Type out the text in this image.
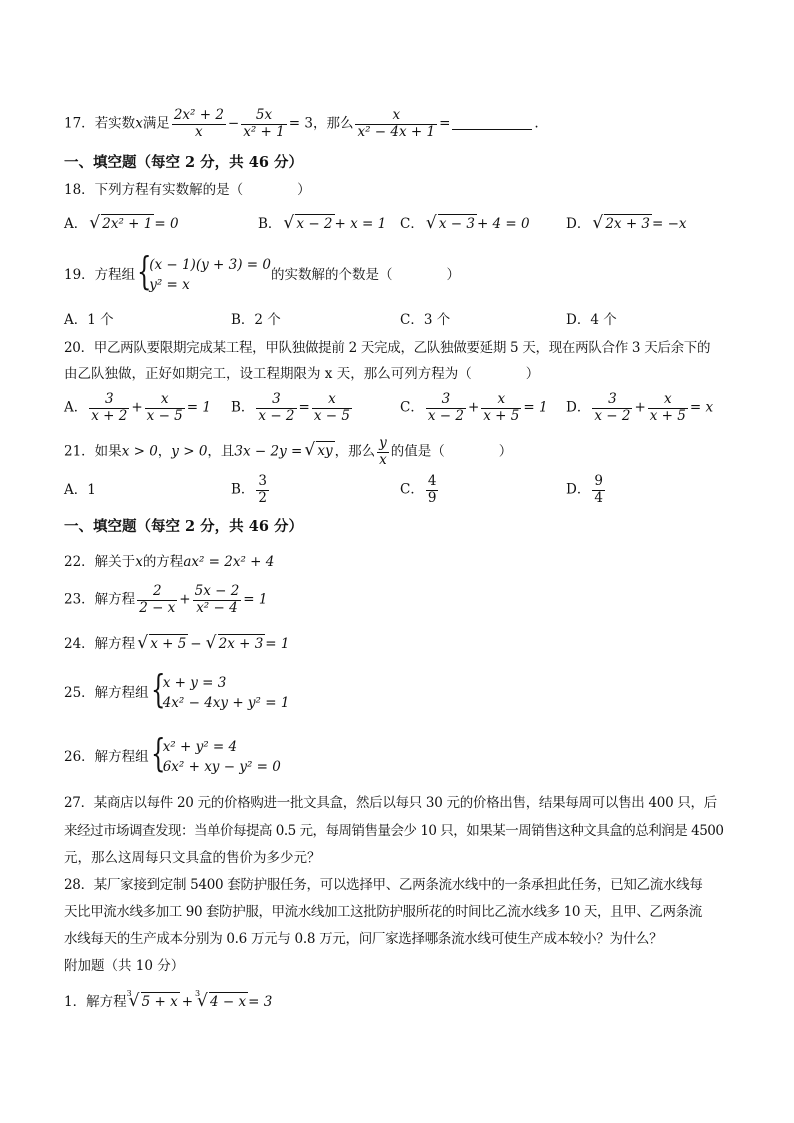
17．若实数x满足 $\frac{\text{2x² + 2}}{x} - \frac{5x}{\text{x² + 1}} = 3$，那么 $\frac{x}{\text{x² − 4x + 1}}$ =	.
一、填空题（每空 2 分，共 46 分）
18．下列方程有实数解的是（　　　　）
A． √ 2x² + 1 = 0	B． √ x − 2 + x = 1 C． √ x − 3 + 4 = 0	D． √ 2x + 3 = −x
19．方程组 {
(x − 1)(y + 3) = 0
y² = x
的实数解的个数是（　　　　）
A．1 个	B．2 个	C．3 个	D．4 个
20．甲乙两队要限期完成某工程，甲队独做提前 2 天完成，乙队独做要延期 5 天，现在两队合作 3 天后余下的
由乙队独做，正好如期完工，设工程期限为 x 天，那么可列方程为（　　　　）
A． $\frac{3}{x + 2} + \frac{x}{x - 5} = 1$ B． $\frac{3}{x - 2} = \frac{x}{x - 5}$	C． $\frac{3}{x - 2} + \frac{x}{x + 5} = 1$ D． $\frac{3}{x - 2} + \frac{x}{x + 5} = x$
21．如果x > 0，y > 0，且3x − 2y = √ xy ，那么 $\frac{y}{x}$ 的值是（　　　　）
A．1	B． $\frac{3}{2}$	C． $\frac{4}{9}$	D． $\frac{9}{4}$
一、填空题（每空 2 分，共 46 分）
22．解关于x的方程ax² = 2x² + 4
23．解方程 $\frac{2}{2 - x} + \frac{5x - 2}{\text{x² − 4}} = 1$
24．解方程 √ x + 5 − √ 2x + 3 = 1
25．解方程组 {
x + y = 3
4x² − 4xy + y² = 1
26．解方程组 {
x² + y² = 4
6x² + xy − y² = 0
27．某商店以每件 20 元的价格购进一批文具盒，然后以每只 30 元的价格出售，结果每周可以售出 400 只，后
来经过市场调查发现：当单价每提高 0.5 元，每周销售量会少 10 只，如果某一周销售这种文具盒的总利润是 4500
元，那么这周每只文具盒的售价为多少元？
28．某厂家接到定制 5400 套防护服任务，可以选择甲、乙两条流水线中的一条承担此任务，已知乙流水线每
天比甲流水线多加工 90 套防护服，甲流水线加工这批防护服所花的时间比乙流水线多 10 天，且甲、乙两条流
水线每天的生产成本分别为 0.6 万元与 0.8 万元，问厂家选择哪条流水线可使生产成本较小？为什么？
附加题（共 10 分）
1．解方程
√ 3
5 + x +
√ 3
4 − x = 3
